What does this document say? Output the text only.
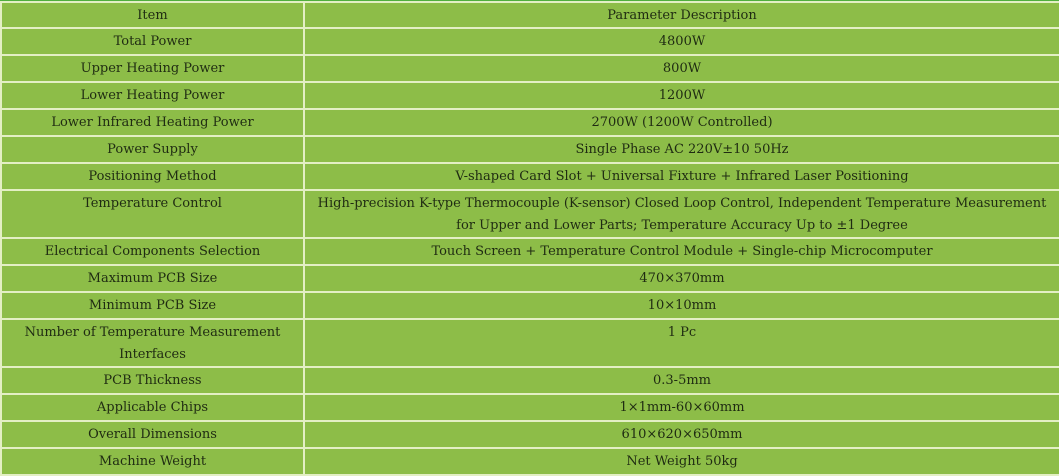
Item	Parameter Description
Total Power	4800W
Upper Heating Power	800W
Lower Heating Power	1200W
Lower Infrared Heating Power	2700W (1200W Controlled)
Power Supply	Single Phase AC 220V±10 50Hz
Positioning Method	V-shaped Card Slot + Universal Fixture + Infrared Laser Positioning
Temperature Control	High-precision K-type Thermocouple (K-sensor) Closed Loop Control, Independent Temperature Measurement for Upper and Lower Parts; Temperature Accuracy Up to ±1 Degree
Electrical Components Selection	Touch Screen + Temperature Control Module + Single-chip Microcomputer
Maximum PCB Size	470×370mm
Minimum PCB Size	10×10mm
Number of Temperature Measurement Interfaces	1 Pc
PCB Thickness	0.3-5mm
Applicable Chips	1×1mm-60×60mm
Overall Dimensions	610×620×650mm
Machine Weight	Net Weight 50kg
